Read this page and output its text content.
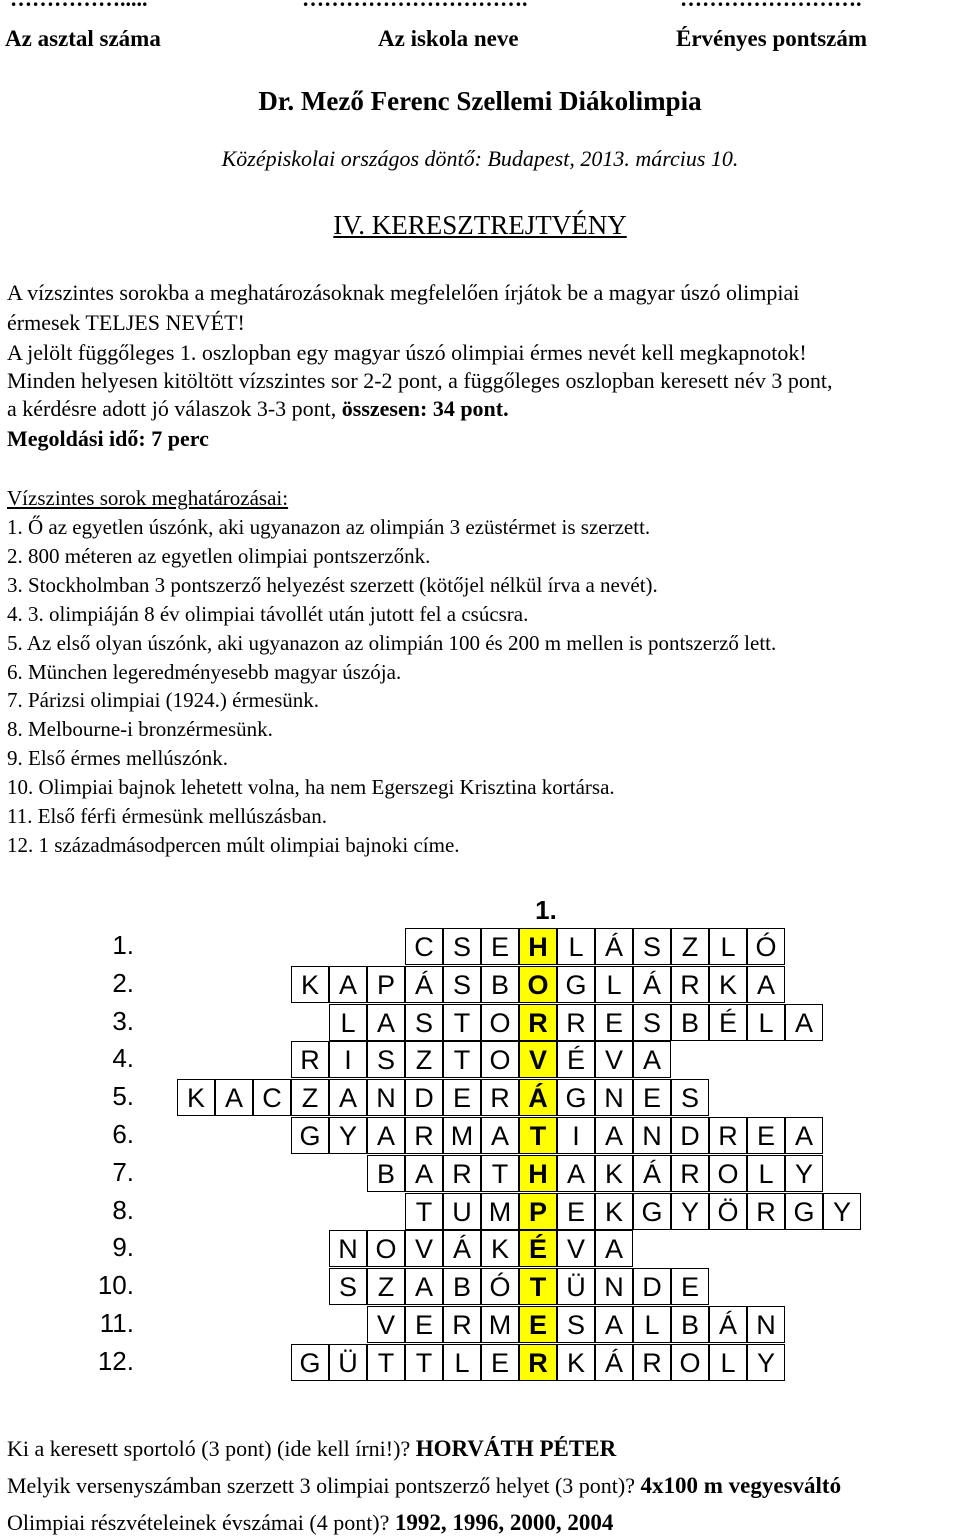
Az asztal száma	Az iskola neve	Érvényes pontszám
Dr. Mező Ferenc Szellemi Diákolimpia
Középiskolai országos döntő: Budapest, 2013. március 10.
IV. KERESZTREJTVÉNY
A vízszintes sorokba a meghatározásoknak megfelelően írjátok be a magyar úszó olimpiai
érmesek TELJES NEVÉT!
A jelölt függőleges 1. oszlopban egy magyar úszó olimpiai érmes nevét kell megkapnotok!
Minden helyesen kitöltött vízszintes sor 2-2 pont, a függőleges oszlopban keresett név 3 pont,
a kérdésre adott jó válaszok 3-3 pont, összesen: 34 pont.
Megoldási idő: 7 perc
Vízszintes sorok meghatározásai:
1. Ő az egyetlen úszónk, aki ugyanazon az olimpián 3 ezüstérmet is szerzett.
2. 800 méteren az egyetlen olimpiai pontszerzőnk.
3. Stockholmban 3 pontszerző helyezést szerzett (kötőjel nélkül írva a nevét).
4. 3. olimpiáján 8 év olimpiai távollét után jutott fel a csúcsra.
5. Az első olyan úszónk, aki ugyanazon az olimpián 100 és 200 m mellen is pontszerző lett.
6. München legeredményesebb magyar úszója.
7. Párizsi olimpiai (1924.) érmesünk.
8. Melbourne-i bronzérmesünk.
9. Első érmes mellúszónk.
10. Olimpiai bajnok lehetett volna, ha nem Egerszegi Krisztina kortársa.
11. Első férfi érmesünk mellúszásban.
12. 1 századmásodpercen múlt olimpiai bajnoki címe.
1.
1.	C S E H L Á S Z L Ó
2.	K A P Á S B O G L Á R K A
3.	L A S T O R R E S B É L A
4.	R I S Z T O V É V A
5.	K A C Z A N D E R Á G N E S
6.	G Y A R M A T I A N D R E A
7.	B A R T H A K Á R O L Y
8.	T U M P E K G Y Ö R G Y
9.	N O V Á K É V A
10.	S Z A B Ó T Ü N D E
11.	V E R M E S A L B Á N
12.	G Ü T T L E R K Á R O L Y
Ki a keresett sportoló (3 pont) (ide kell írni!)? HORVÁTH PÉTER
Melyik versenyszámban szerzett 3 olimpiai pontszerző helyet (3 pont)? 4x100 m vegyesváltó
Olimpiai részvételeinek évszámai (4 pont)? 1992, 1996, 2000, 2004
